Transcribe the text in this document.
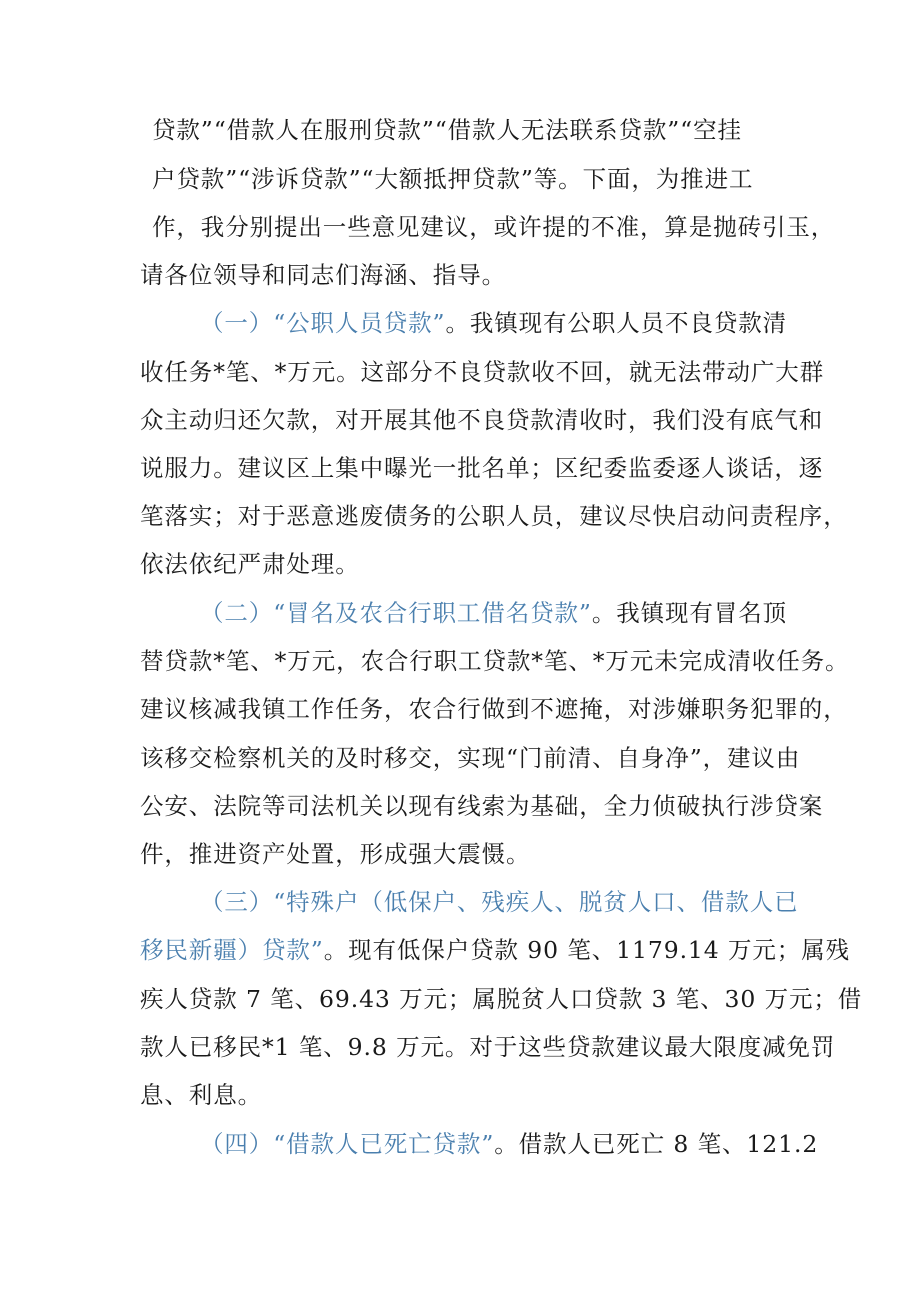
贷款”“借款人在服刑贷款”“借款人无法联系贷款”“空挂
户贷款”“涉诉贷款”“大额抵押贷款”等。下面，为推进工
作，我分别提出一些意见建议，或许提的不准，算是抛砖引玉，
请各位领导和同志们海涵、指导。
（一）“公职人员贷款”。我镇现有公职人员不良贷款清
收任务*笔、*万元。这部分不良贷款收不回，就无法带动广大群
众主动归还欠款，对开展其他不良贷款清收时，我们没有底气和
说服力。建议区上集中曝光一批名单；区纪委监委逐人谈话，逐
笔落实；对于恶意逃废债务的公职人员，建议尽快启动问责程序，
依法依纪严肃处理。
（二）“冒名及农合行职工借名贷款”。我镇现有冒名顶
替贷款*笔、*万元，农合行职工贷款*笔、*万元未完成清收任务。
建议核减我镇工作任务，农合行做到不遮掩，对涉嫌职务犯罪的，
该移交检察机关的及时移交，实现“门前清、自身净”，建议由
公安、法院等司法机关以现有线索为基础，全力侦破执行涉贷案
件，推进资产处置，形成强大震慑。
（三）“特殊户（低保户、残疾人、脱贫人口、借款人已
移民新疆）贷款”。现有低保户贷款 90 笔、1179.14 万元；属残
疾人贷款 7 笔、69.43 万元；属脱贫人口贷款 3 笔、30 万元；借
款人已移民*1 笔、9.8 万元。对于这些贷款建议最大限度减免罚
息、利息。
（四）“借款人已死亡贷款”。借款人已死亡 8 笔、121.2
